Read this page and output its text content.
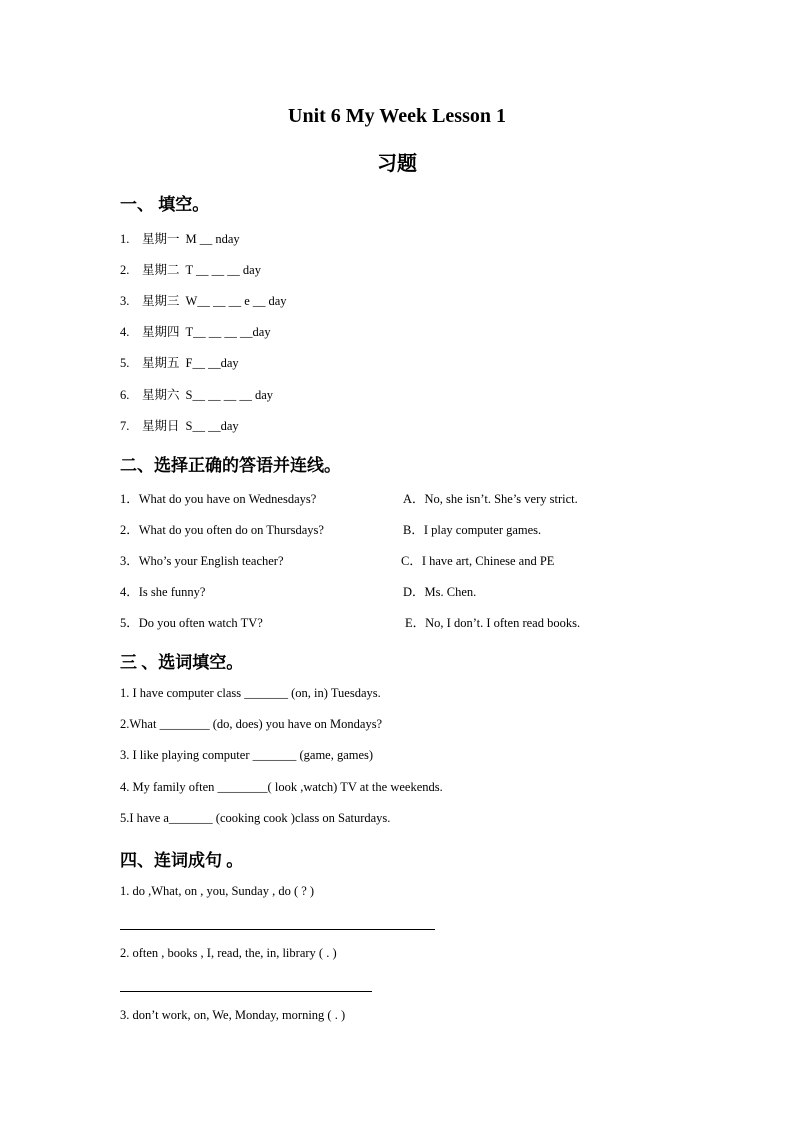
Unit 6 My Week Lesson 1
习题
一、 填空。
1. 星期一 M __ nday
2. 星期二 T __ __ __ day
3. 星期三 W__ __ __ e __ day
4. 星期四 T__ __ __ __day
5. 星期五 F__ __day
6. 星期六 S__ __ __ __ day
7. 星期日 S__ __day
二、选择正确的答语并连线。
1．What do you have on Wednesdays?
2．What do you often do on Thursdays?
3．Who’s your English teacher?
4．Is she funny?
5．Do you often watch TV?
A．No, she isn’t. She’s very strict.
B．I play computer games.
C．I have art, Chinese and PE
D．Ms. Chen.
E．No, I don’t. I often read books.
三 、选词填空。
1. I have computer class _______ (on, in) Tuesdays.
2.What ________ (do, does) you have on Mondays?
3. I like playing computer _______ (game, games)
4. My family often ________( look ,watch) TV at the weekends.
5.I have a_______ (cooking cook )class on Saturdays.
四、连词成句 。
1. do ,What, on , you, Sunday , do ( ? )
2. often , books , I, read, the, in, library ( . )
3. don’t work, on, We, Monday, morning ( . )
